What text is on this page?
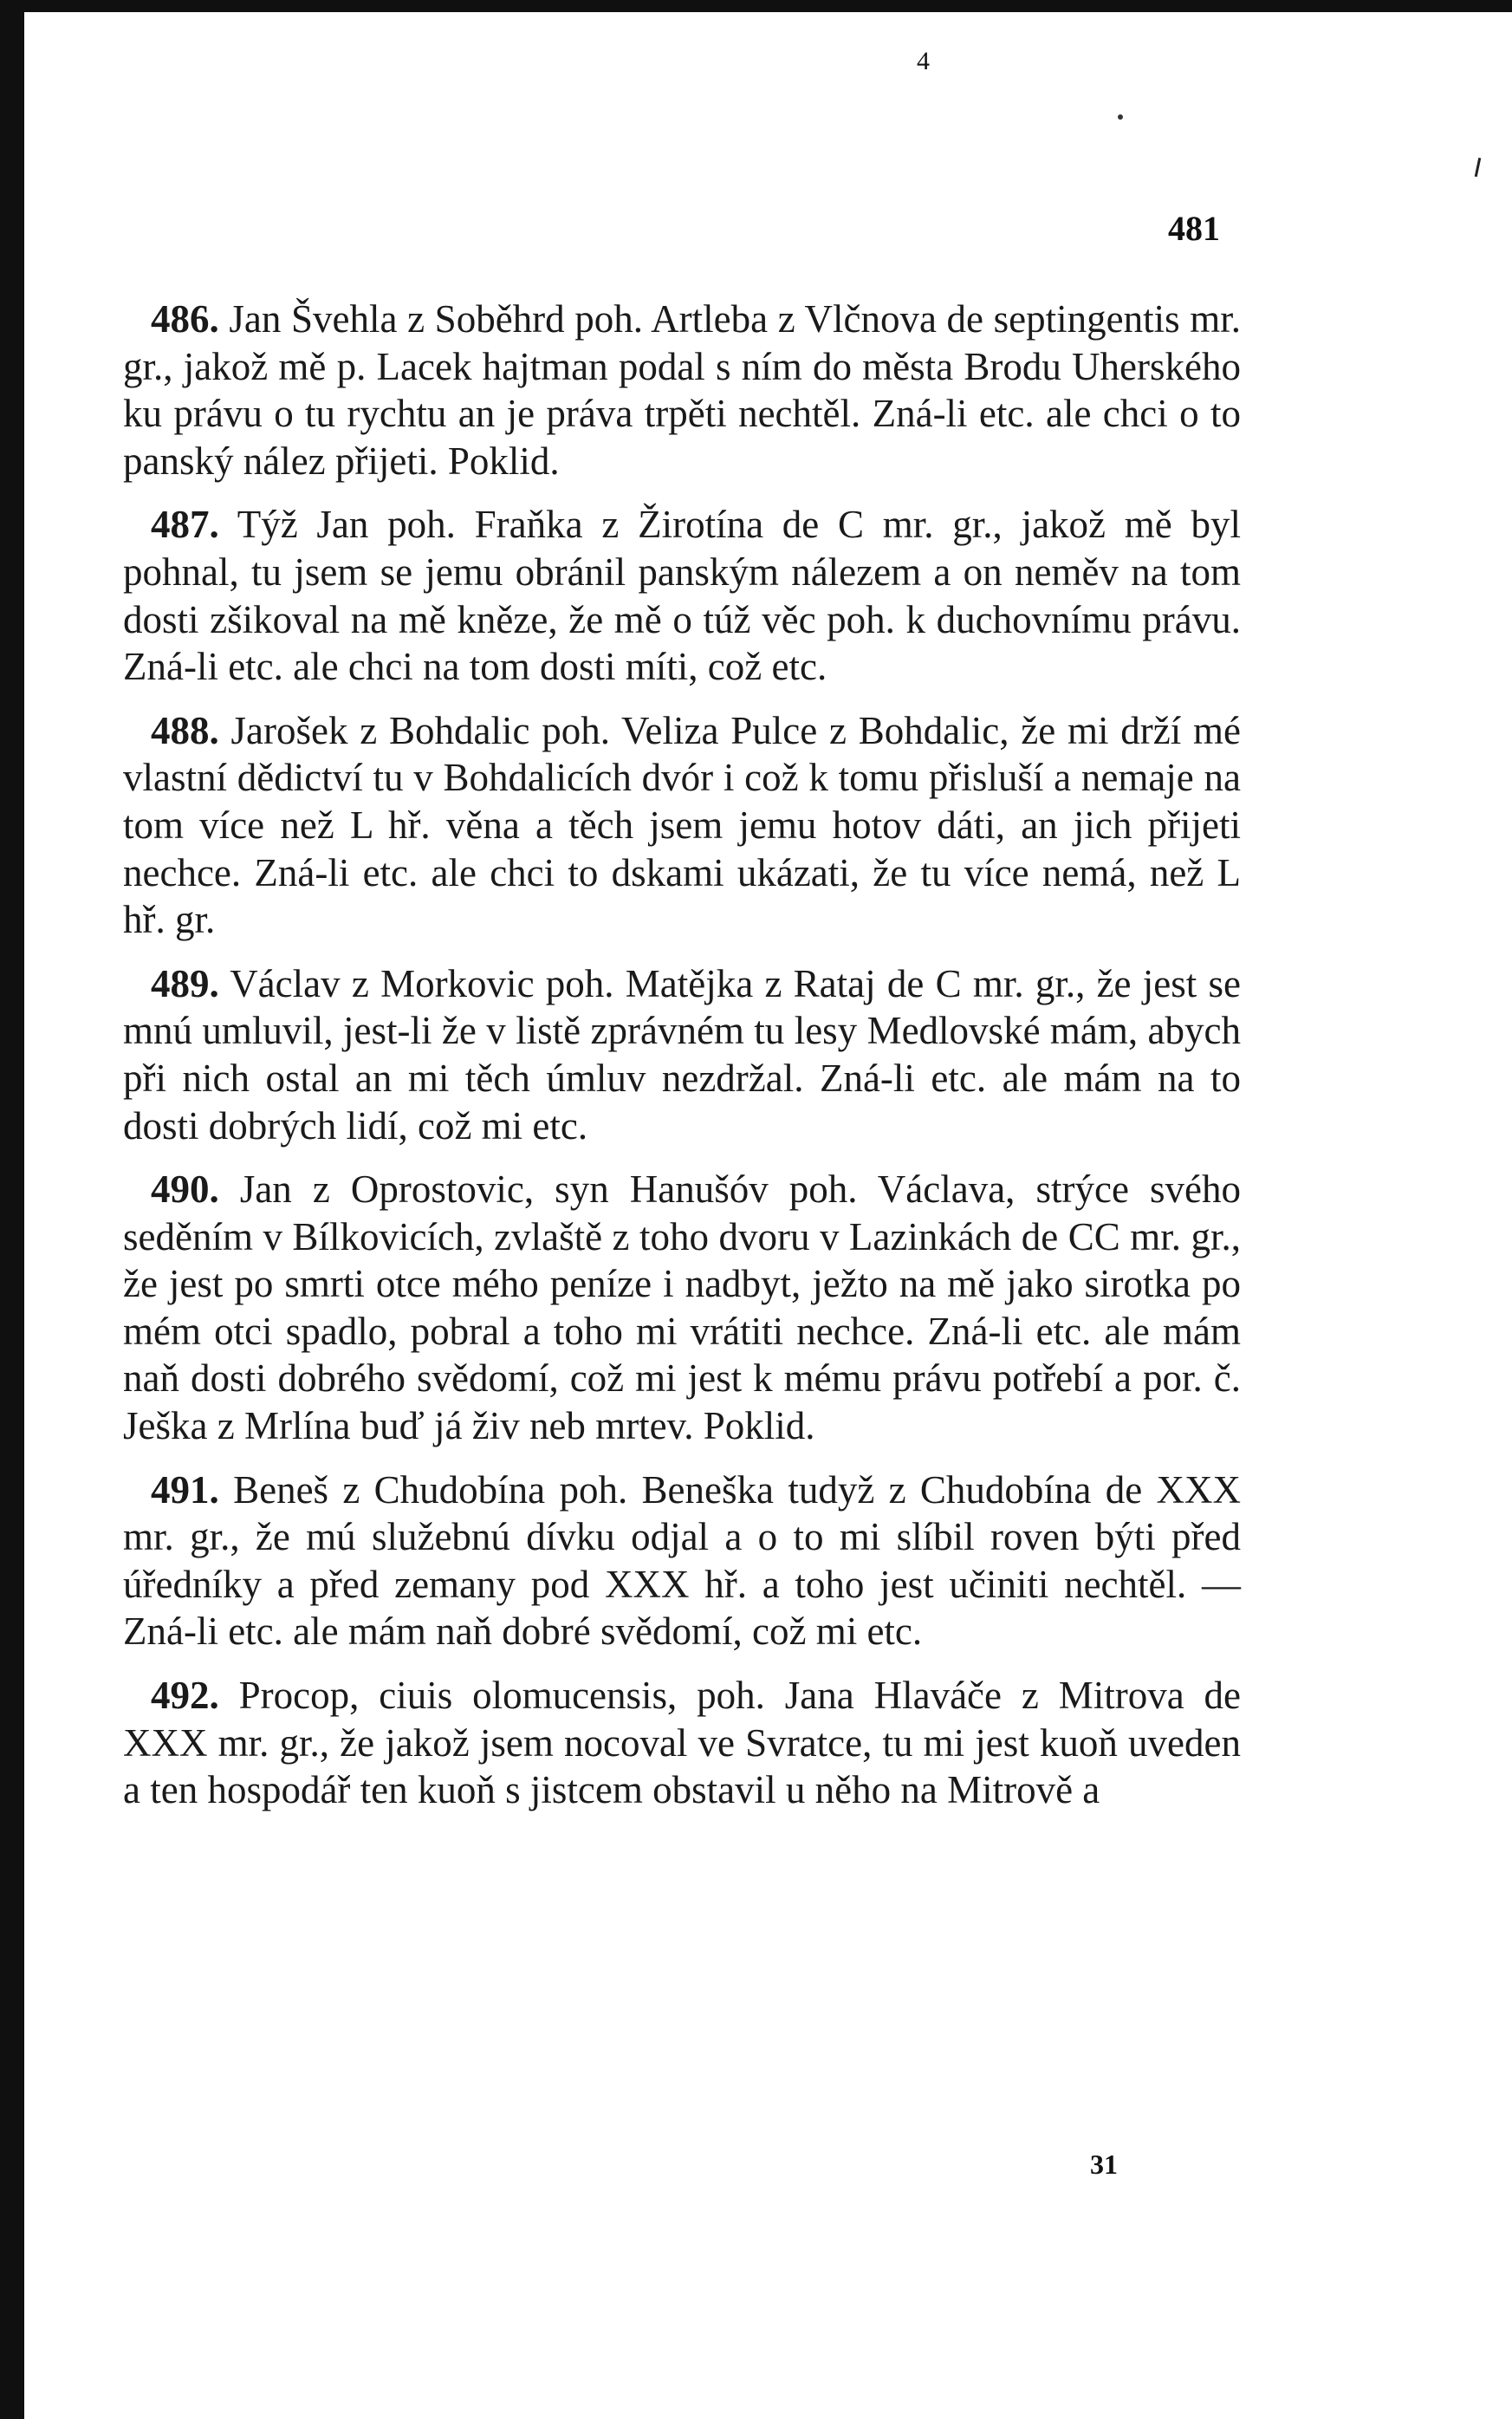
4
481

486. Jan Švehla z Soběhrd poh. Artleba z Vlčnova de septingentis mr. gr., jakož mě p. Lacek hajtman podal s ním do města Brodu Uherského ku právu o tu rychtu an je práva trpěti nechtěl. Zná-li etc. ale chci o to panský nález přijeti. Poklid.

487. Týž Jan poh. Fraňka z Žirotína de C mr. gr., jakož mě byl pohnal, tu jsem se jemu obránil panským nálezem a on neměv na tom dosti zšikoval na mě kněze, že mě o túž věc poh. k duchovnímu právu. Zná-li etc. ale chci na tom dosti míti, což etc.

488. Jarošek z Bohdalic poh. Veliza Pulce z Bohdalic, že mi drží mé vlastní dědictví tu v Bohdalicích dvór i což k tomu přisluší a nemaje na tom více než L hř. věna a těch jsem jemu hotov dáti, an jich přijeti nechce. Zná-li etc. ale chci to dskami ukázati, že tu více nemá, než L hř. gr.

489. Václav z Morkovic poh. Matějka z Rataj de C mr. gr., že jest se mnú umluvil, jest-li že v listě zprávném tu lesy Medlovské mám, abych při nich ostal an mi těch úmluv nezdržal. Zná-li etc. ale mám na to dosti dobrých lidí, což mi etc.

490. Jan z Oprostovic, syn Hanušóv poh. Václava, strýce svého seděním v Bílkovicích, zvlaště z toho dvoru v Lazinkách de CC mr. gr., že jest po smrti otce mého peníze i nadbyt, ježto na mě jako sirotka po mém otci spadlo, pobral a toho mi vrátiti nechce. Zná-li etc. ale mám naň dosti dobrého svědomí, což mi jest k mému právu potřebí a por. č. Ješka z Mrlína buď já živ neb mrtev. Poklid.

491. Beneš z Chudobína poh. Beneška tudyž z Chudobína de XXX mr. gr., že mú služebnú dívku odjal a o to mi slíbil roven býti před úředníky a před zemany pod XXX hř. a toho jest učiniti nechtěl. — Zná-li etc. ale mám naň dobré svědomí, což mi etc.

492. Procop, ciuis olomucensis, poh. Jana Hlaváče z Mitrova de XXX mr. gr., že jakož jsem nocoval ve Svratce, tu mi jest kuoň uveden a ten hospodář ten kuoň s jistcem obstavil u něho na Mitrově a

31
